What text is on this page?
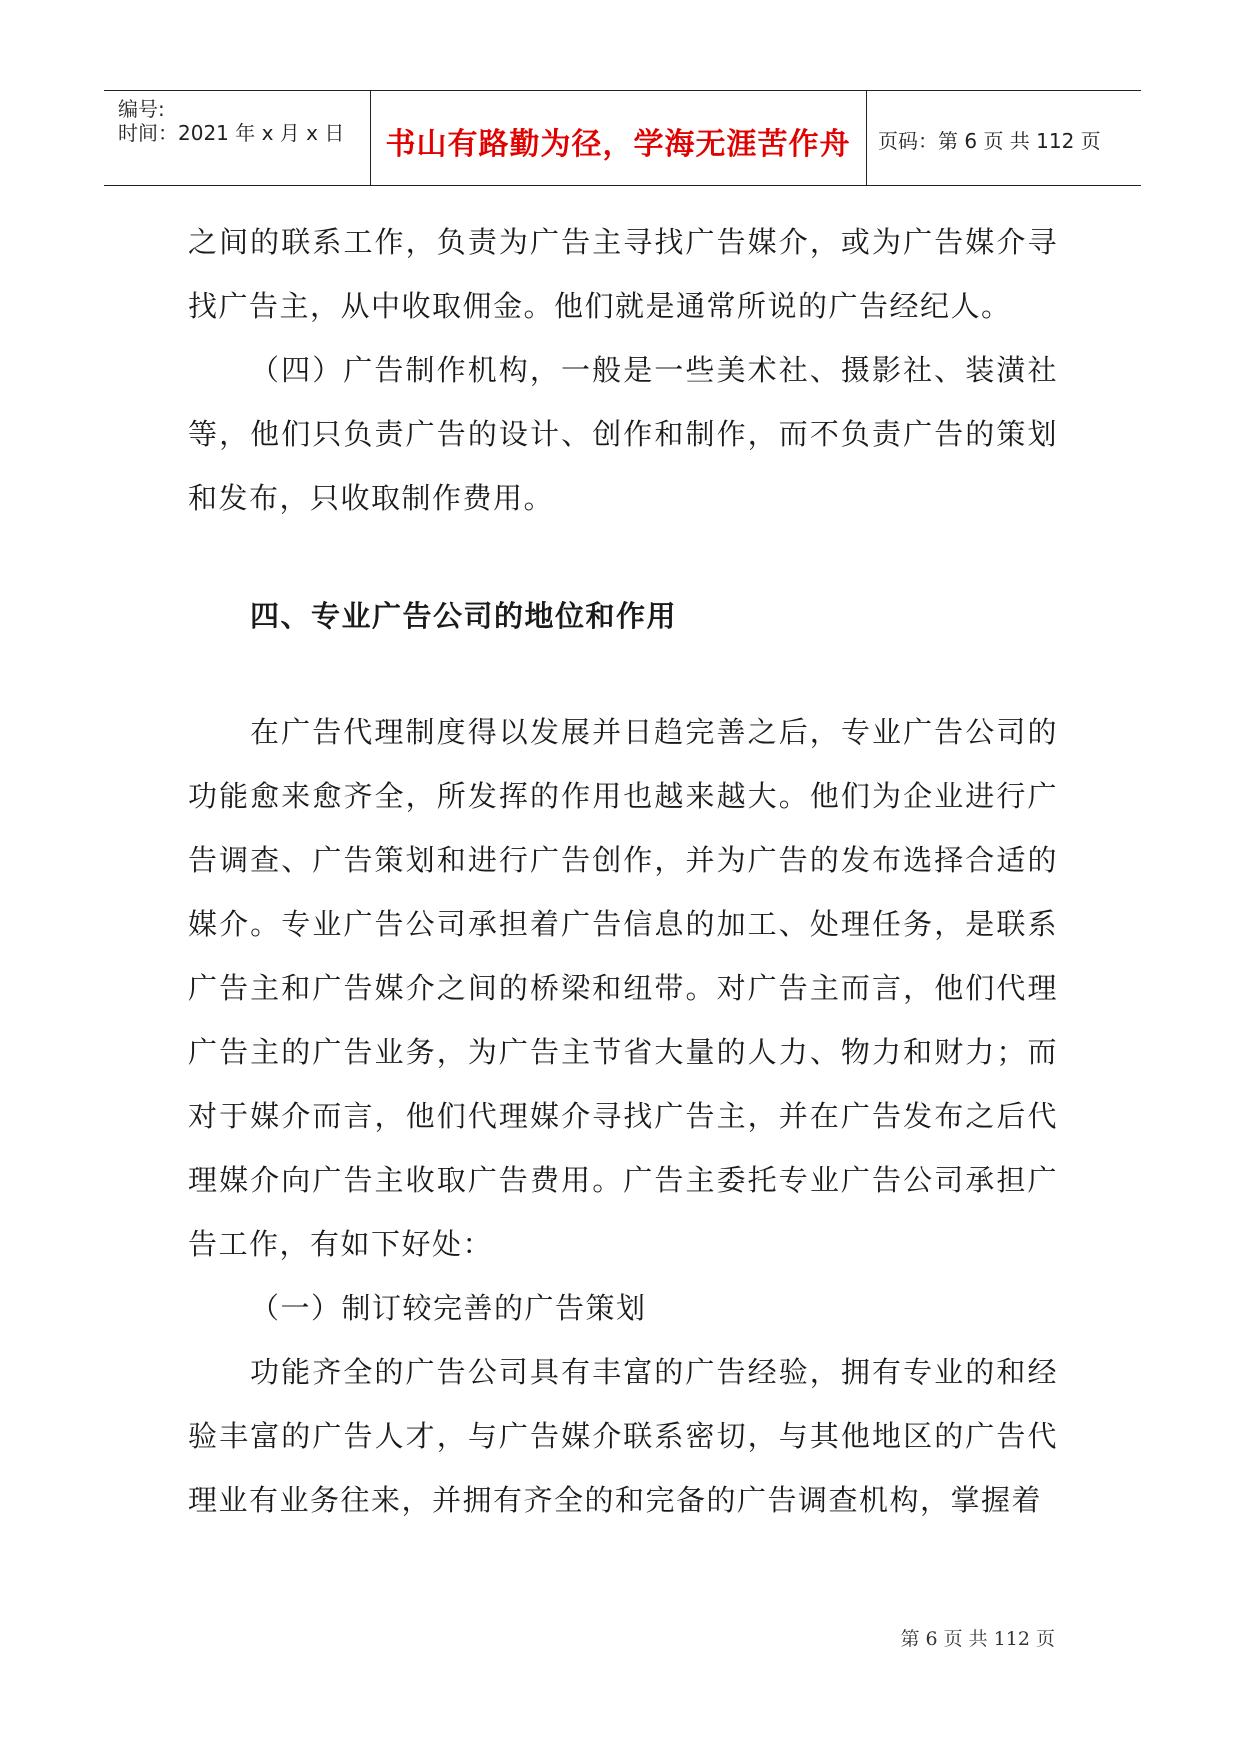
编号:
时间：2021 年 x 月 x 日	书山有路勤为径，学海无涯苦作舟	页码：第 6 页 共 112 页

之间的联系工作，负责为广告主寻找广告媒介，或为广告媒介寻找广告主，从中收取佣金。他们就是通常所说的广告经纪人。

（四）广告制作机构，一般是一些美术社、摄影社、装潢社等，他们只负责广告的设计、创作和制作，而不负责广告的策划和发布，只收取制作费用。

四、专业广告公司的地位和作用

在广告代理制度得以发展并日趋完善之后，专业广告公司的功能愈来愈齐全，所发挥的作用也越来越大。他们为企业进行广告调查、广告策划和进行广告创作，并为广告的发布选择合适的媒介。专业广告公司承担着广告信息的加工、处理任务，是联系广告主和广告媒介之间的桥梁和纽带。对广告主而言，他们代理广告主的广告业务，为广告主节省大量的人力、物力和财力；而对于媒介而言，他们代理媒介寻找广告主，并在广告发布之后代理媒介向广告主收取广告费用。广告主委托专业广告公司承担广告工作，有如下好处：

（一）制订较完善的广告策划

功能齐全的广告公司具有丰富的广告经验，拥有专业的和经验丰富的广告人才，与广告媒介联系密切，与其他地区的广告代理业有业务往来，并拥有齐全的和完备的广告调查机构，掌握着

第 6 页 共 112 页
